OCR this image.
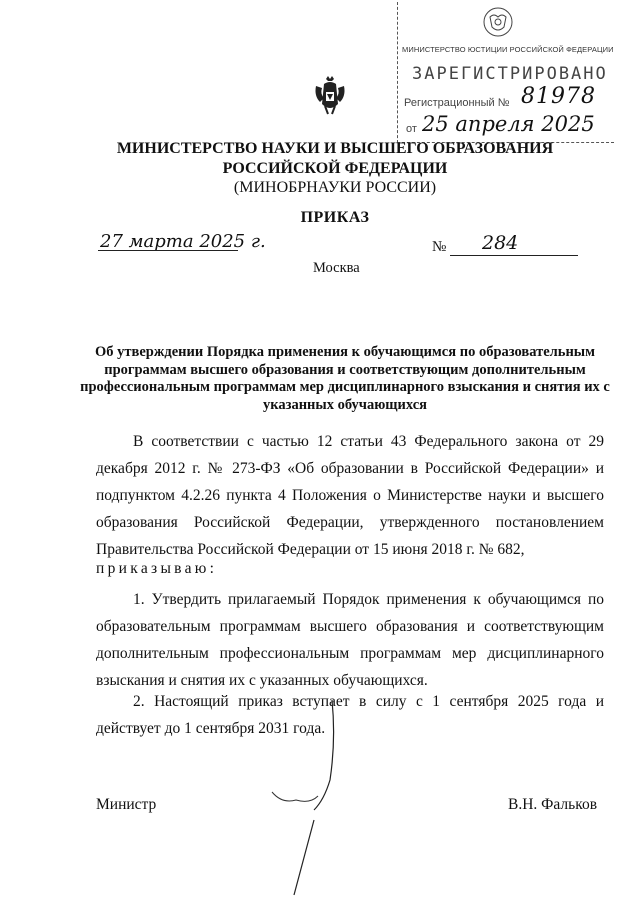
МИНИСТЕРСТВО ЮСТИЦИИ РОССИЙСКОЙ ФЕДЕРАЦИИ
ЗАРЕГИСТРИРОВАНО
Регистрационный № 81978
от 25 апреля 2025
МИНИСТЕРСТВО НАУКИ И ВЫСШЕГО ОБРАЗОВАНИЯ
РОССИЙСКОЙ ФЕДЕРАЦИИ
(МИНОБРНАУКИ РОССИИ)
ПРИКАЗ
27 марта 2025 г.	№ 284
Москва
Об утверждении Порядка применения к обучающимся по образовательным программам высшего образования и соответствующим дополнительным профессиональным программам мер дисциплинарного взыскания и снятия их с указанных обучающихся
В соответствии с частью 12 статьи 43 Федерального закона от 29 декабря 2012 г. № 273-ФЗ «Об образовании в Российской Федерации» и подпунктом 4.2.26 пункта 4 Положения о Министерстве науки и высшего образования Российской Федерации, утвержденного постановлением Правительства Российской Федерации от 15 июня 2018 г. № 682,
приказываю:
1. Утвердить прилагаемый Порядок применения к обучающимся по образовательным программам высшего образования и соответствующим дополнительным профессиональным программам мер дисциплинарного взыскания и снятия их с указанных обучающихся.
2. Настоящий приказ вступает в силу с 1 сентября 2025 года и действует до 1 сентября 2031 года.
Министр	В.Н. Фальков
